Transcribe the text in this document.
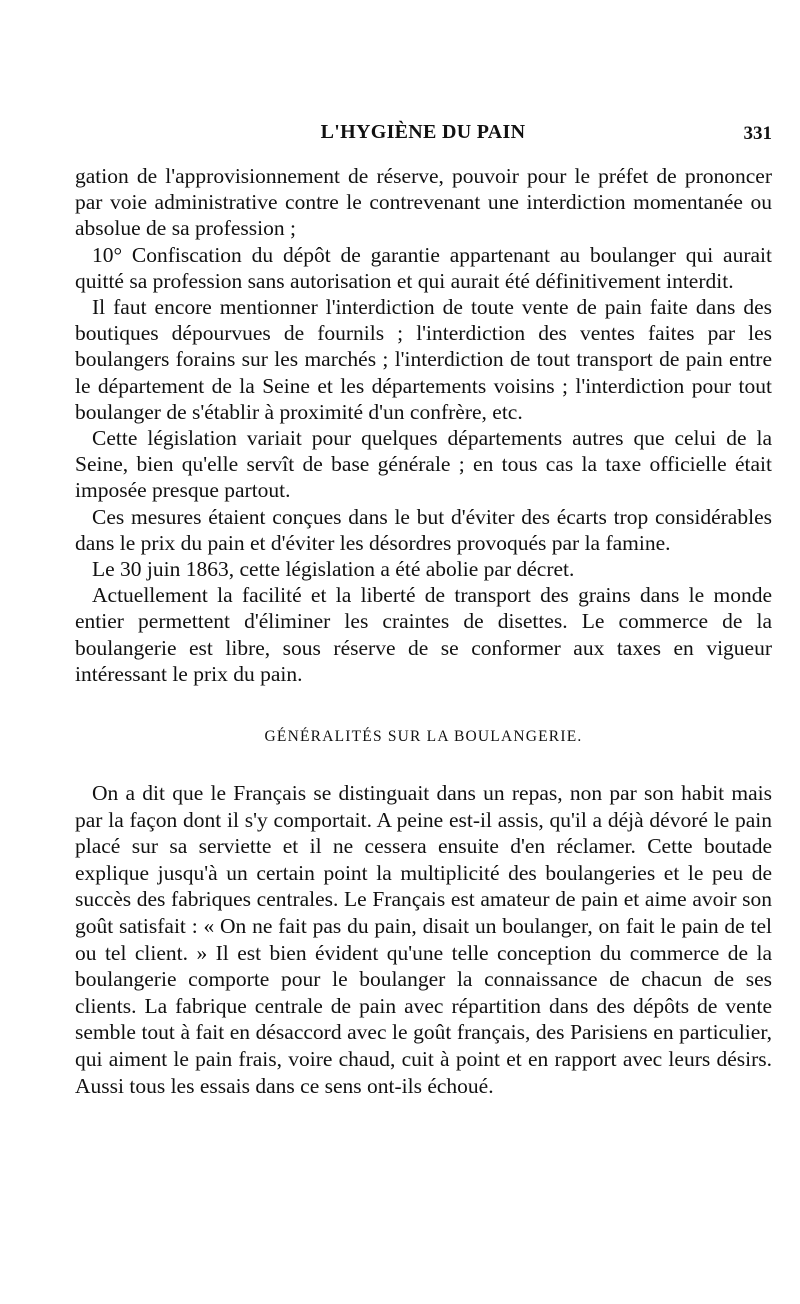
L'HYGIÈNE DU PAIN	331

gation de l'approvisionnement de réserve, pouvoir pour le préfet de prononcer par voie administrative contre le contrevenant une interdiction momentanée ou absolue de sa profession ;

10° Confiscation du dépôt de garantie appartenant au boulanger qui aurait quitté sa profession sans autorisation et qui aurait été définitivement interdit.

Il faut encore mentionner l'interdiction de toute vente de pain faite dans des boutiques dépourvues de fournils ; l'interdiction des ventes faites par les boulangers forains sur les marchés ; l'interdiction de tout transport de pain entre le département de la Seine et les départements voisins ; l'interdiction pour tout boulanger de s'établir à proximité d'un confrère, etc.

Cette législation variait pour quelques départements autres que celui de la Seine, bien qu'elle servît de base générale ; en tous cas la taxe officielle était imposée presque partout.

Ces mesures étaient conçues dans le but d'éviter des écarts trop considérables dans le prix du pain et d'éviter les désordres provoqués par la famine.

Le 30 juin 1863, cette législation a été abolie par décret.

Actuellement la facilité et la liberté de transport des grains dans le monde entier permettent d'éliminer les craintes de disettes. Le commerce de la boulangerie est libre, sous réserve de se conformer aux taxes en vigueur intéressant le prix du pain.

GÉNÉRALITÉS SUR LA BOULANGERIE.

On a dit que le Français se distinguait dans un repas, non par son habit mais par la façon dont il s'y comportait. A peine est-il assis, qu'il a déjà dévoré le pain placé sur sa serviette et il ne cessera ensuite d'en réclamer. Cette boutade explique jusqu'à un certain point la multiplicité des boulangeries et le peu de succès des fabriques centrales. Le Français est amateur de pain et aime avoir son goût satisfait : « On ne fait pas du pain, disait un boulanger, on fait le pain de tel ou tel client. » Il est bien évident qu'une telle conception du commerce de la boulangerie comporte pour le boulanger la connaissance de chacun de ses clients. La fabrique centrale de pain avec répartition dans des dépôts de vente semble tout à fait en désaccord avec le goût français, des Parisiens en particulier, qui aiment le pain frais, voire chaud, cuit à point et en rapport avec leurs désirs. Aussi tous les essais dans ce sens ont-ils échoué.
